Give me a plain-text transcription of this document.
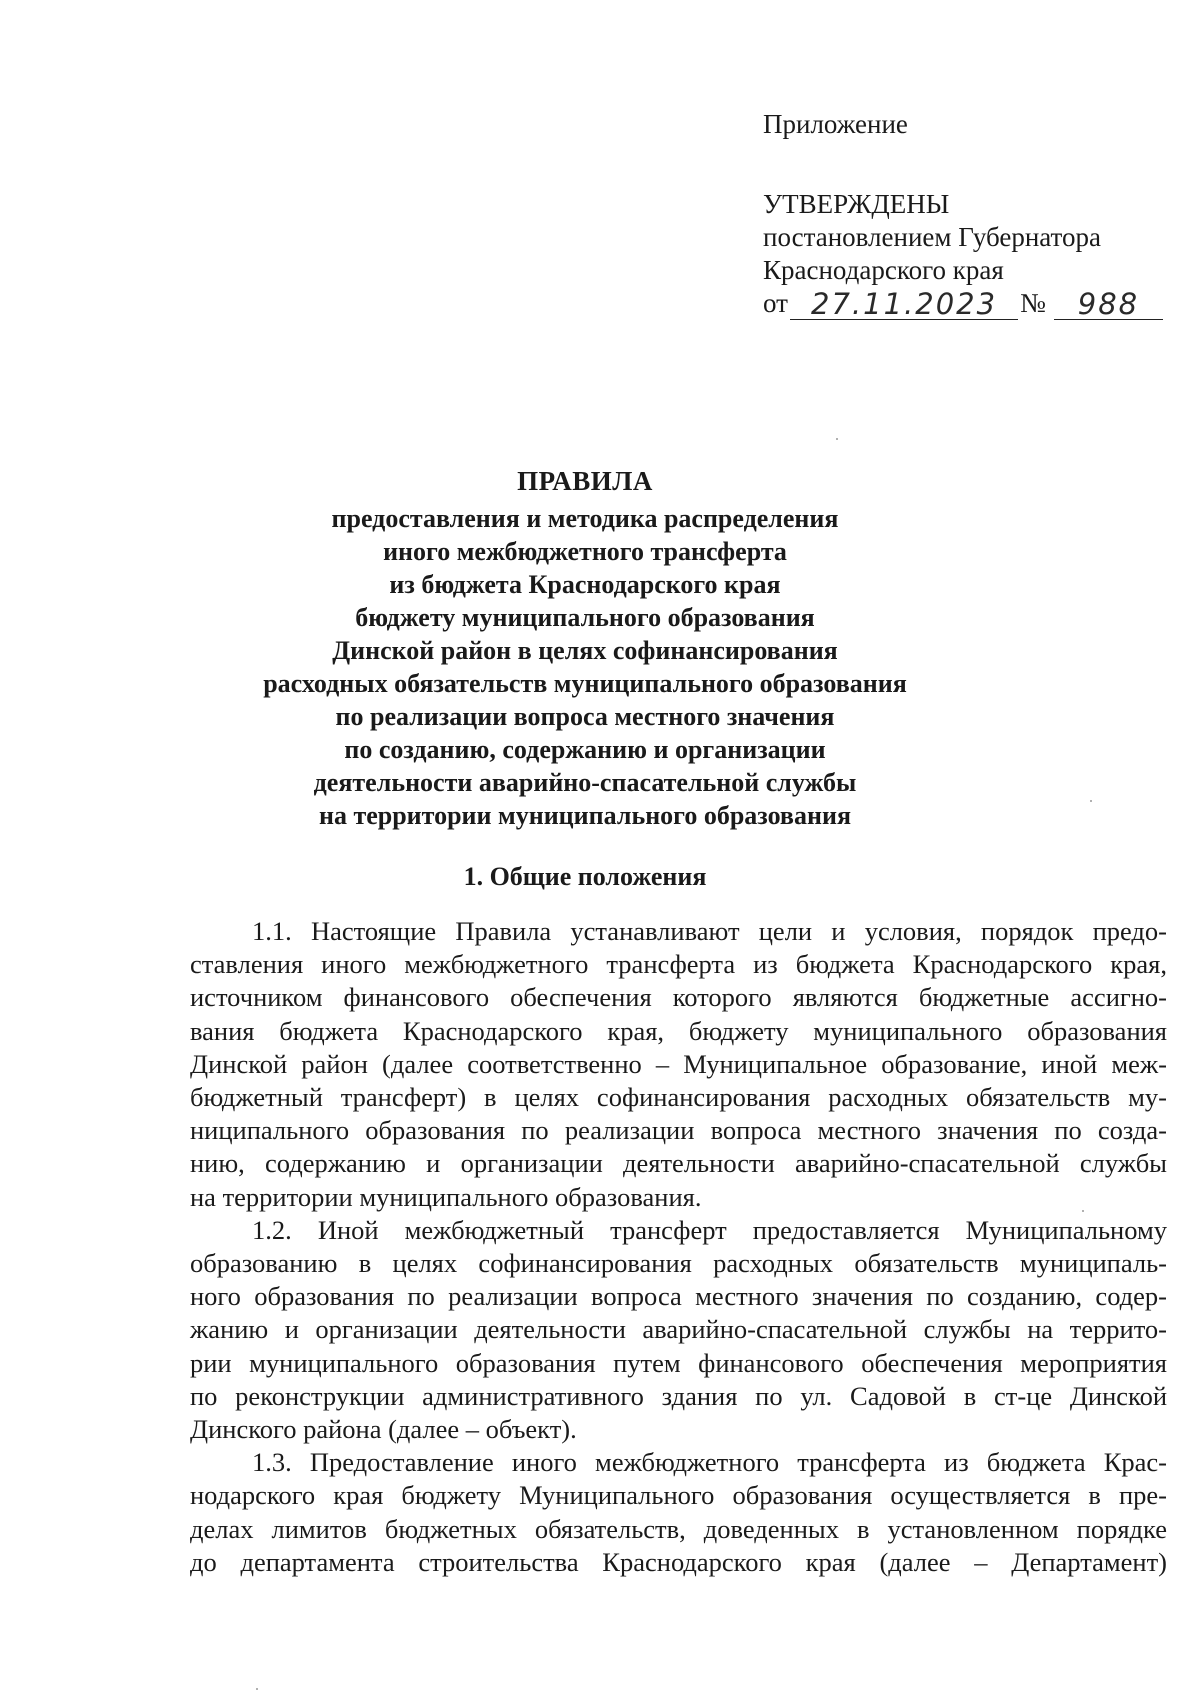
Приложение
УТВЕРЖДЕНЫ
постановлением Губернатора
Краснодарского края
от 27.11.2023 №	988
ПРАВИЛА
предоставления и методика распределения
иного межбюджетного трансферта
из бюджета Краснодарского края
бюджету муниципального образования
Динской район в целях софинансирования
расходных обязательств муниципального образования
по реализации вопроса местного значения
по созданию, содержанию и организации
деятельности аварийно-спасательной службы
на территории муниципального образования
1. Общие положения

1.1. Настоящие Правила устанавливают цели и условия, порядок предо-
ставления иного межбюджетного трансферта из бюджета Краснодарского края,
источником финансового обеспечения которого являются бюджетные ассигно-
вания бюджета Краснодарского края, бюджету муниципального образования
Динской район (далее соответственно – Муниципальное образование, иной меж-
бюджетный трансферт) в целях софинансирования расходных обязательств му-
ниципального образования по реализации вопроса местного значения по созда-
нию, содержанию и организации деятельности аварийно-спасательной службы
на территории муниципального образования.

1.2. Иной межбюджетный трансферт предоставляется Муниципальному
образованию в целях софинансирования расходных обязательств муниципаль-
ного образования по реализации вопроса местного значения по созданию, содер-
жанию и организации деятельности аварийно-спасательной службы на террито-
рии муниципального образования путем финансового обеспечения мероприятия
по реконструкции административного здания по ул. Садовой в ст-це Динской
Динского района (далее – объект).

1.3. Предоставление иного межбюджетного трансферта из бюджета Крас-
нодарского края бюджету Муниципального образования осуществляется в пре-
делах лимитов бюджетных обязательств, доведенных в установленном порядке
до департамента строительства Краснодарского края (далее – Департамент)
